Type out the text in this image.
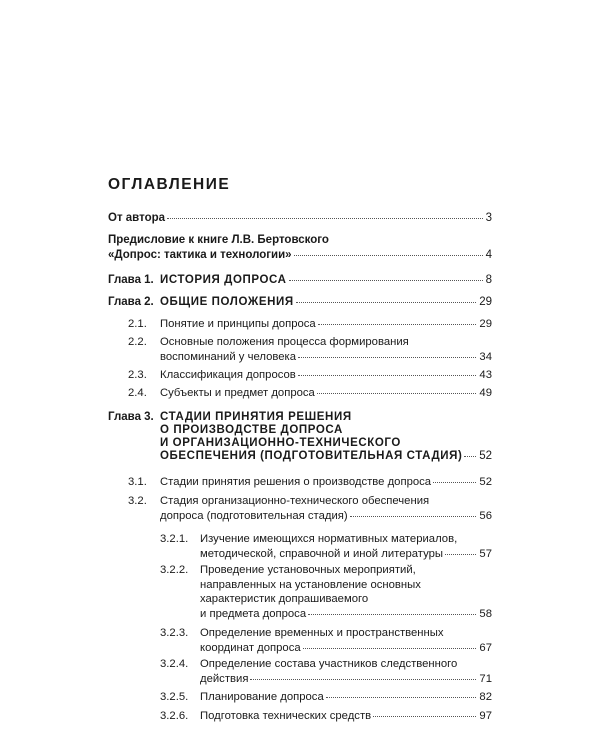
ОГЛАВЛЕНИЕ
От автора	3
Предисловие к книге Л.В. Бертовского
«Допрос: тактика и технологии»	4
Глава 1. ИСТОРИЯ ДОПРОСА	8
Глава 2. ОБЩИЕ ПОЛОЖЕНИЯ	29
2.1. Понятие и принципы допроса	29
2.2. Основные положения процесса формирования
воспоминаний у человека	34
2.3. Классификация допросов	43
2.4. Субъекты и предмет допроса	49
Глава 3. СТАДИИ ПРИНЯТИЯ РЕШЕНИЯ
О ПРОИЗВОДСТВЕ ДОПРОСА
И ОРГАНИЗАЦИОННО-ТЕХНИЧЕСКОГО
ОБЕСПЕЧЕНИЯ (ПОДГОТОВИТЕЛЬНАЯ СТАДИЯ) 52
3.1. Стадии принятия решения о производстве допроса	52
3.2. Стадия организационно-технического обеспечения
допроса (подготовительная стадия)	56
3.2.1. Изучение имеющихся нормативных материалов,
методической, справочной и иной литературы	57
3.2.2. Проведение установочных мероприятий,
направленных на установление основных
характеристик допрашиваемого
и предмета допроса	58
3.2.3. Определение временных и пространственных
координат допроса	67
3.2.4. Определение состава участников следственного
действия	71
3.2.5. Планирование допроса	82
3.2.6. Подготовка технических средств	97
